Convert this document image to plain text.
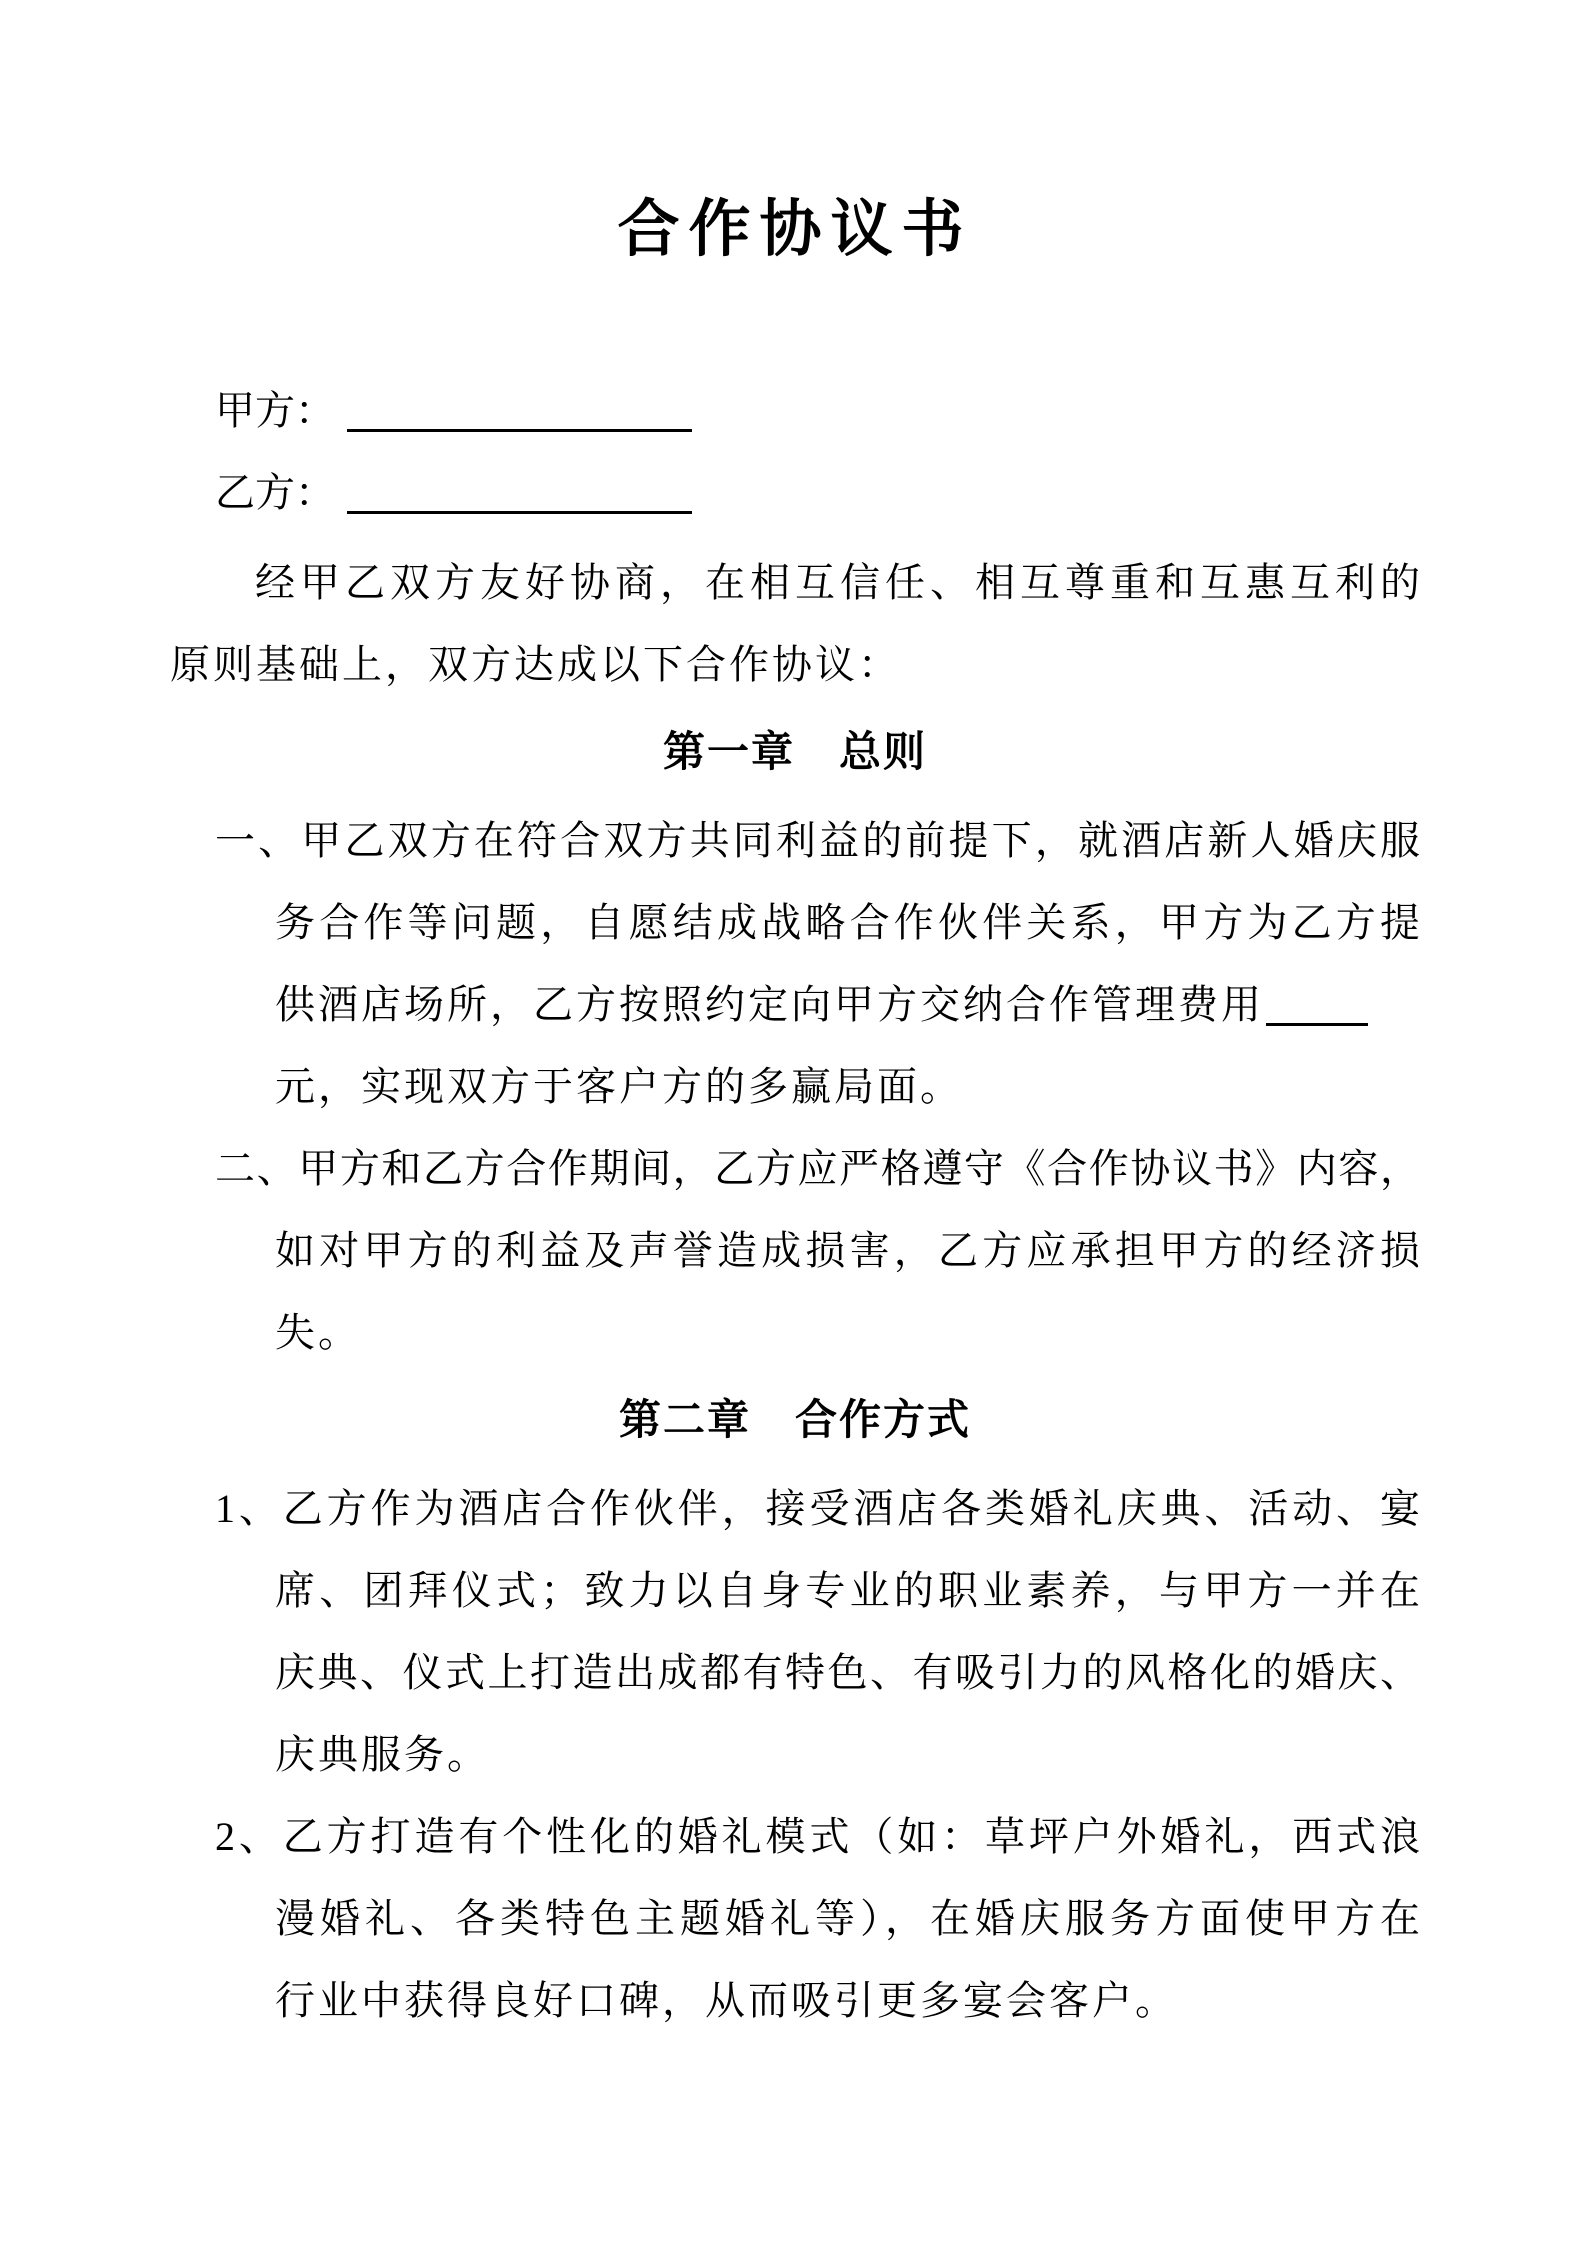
合作协议书
甲方：
乙方：

经甲乙双方友好协商，在相互信任、相互尊重和互惠互利的

原则基础上，双方达成以下合作协议：

第一章　总则

一、甲乙双方在符合双方共同利益的前提下，就酒店新人婚庆服

务合作等问题，自愿结成战略合作伙伴关系，甲方为乙方提

供酒店场所，乙方按照约定向甲方交纳合作管理费用

元，实现双方于客户方的多赢局面。

二、甲方和乙方合作期间，乙方应严格遵守《合作协议书》内容，

如对甲方的利益及声誉造成损害，乙方应承担甲方的经济损

失。

第二章　合作方式

1、乙方作为酒店合作伙伴，接受酒店各类婚礼庆典、活动、宴

席、团拜仪式；致力以自身专业的职业素养，与甲方一并在

庆典、仪式上打造出成都有特色、有吸引力的风格化的婚庆、

庆典服务。

2、乙方打造有个性化的婚礼模式（如：草坪户外婚礼，西式浪

漫婚礼、各类特色主题婚礼等），在婚庆服务方面使甲方在

行业中获得良好口碑，从而吸引更多宴会客户。
